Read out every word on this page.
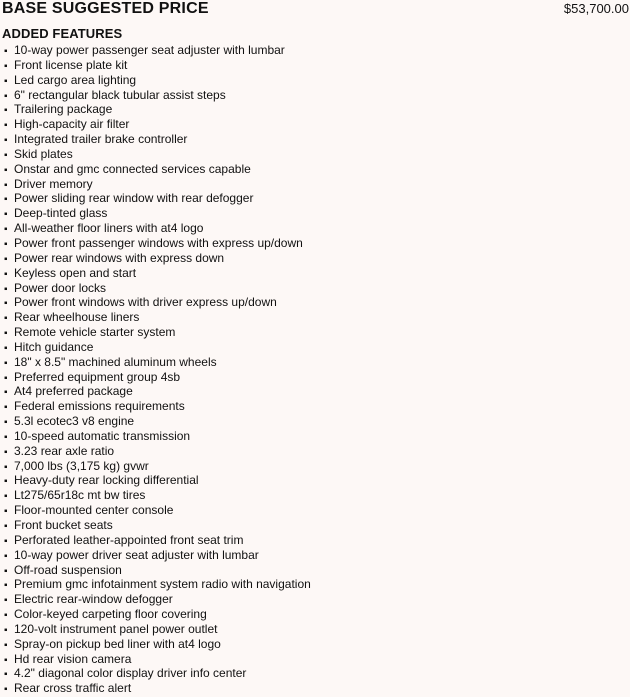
BASE SUGGESTED PRICE	$53,700.00
ADDED FEATURES
▪ 10-way power passenger seat adjuster with lumbar
▪ Front license plate kit
▪ Led cargo area lighting
▪ 6" rectangular black tubular assist steps
▪ Trailering package
▪ High-capacity air filter
▪ Integrated trailer brake controller
▪ Skid plates
▪ Onstar and gmc connected services capable
▪ Driver memory
▪ Power sliding rear window with rear defogger
▪ Deep-tinted glass
▪ All-weather floor liners with at4 logo
▪ Power front passenger windows with express up/down
▪ Power rear windows with express down
▪ Keyless open and start
▪ Power door locks
▪ Power front windows with driver express up/down
▪ Rear wheelhouse liners
▪ Remote vehicle starter system
▪ Hitch guidance
▪ 18" x 8.5" machined aluminum wheels
▪ Preferred equipment group 4sb
▪ At4 preferred package
▪ Federal emissions requirements
▪ 5.3l ecotec3 v8 engine
▪ 10-speed automatic transmission
▪ 3.23 rear axle ratio
▪ 7,000 lbs (3,175 kg) gvwr
▪ Heavy-duty rear locking differential
▪ Lt275/65r18c mt bw tires
▪ Floor-mounted center console
▪ Front bucket seats
▪ Perforated leather-appointed front seat trim
▪ 10-way power driver seat adjuster with lumbar
▪ Off-road suspension
▪ Premium gmc infotainment system radio with navigation
▪ Electric rear-window defogger
▪ Color-keyed carpeting floor covering
▪ 120-volt instrument panel power outlet
▪ Spray-on pickup bed liner with at4 logo
▪ Hd rear vision camera
▪ 4.2" diagonal color display driver info center
▪ Rear cross traffic alert
